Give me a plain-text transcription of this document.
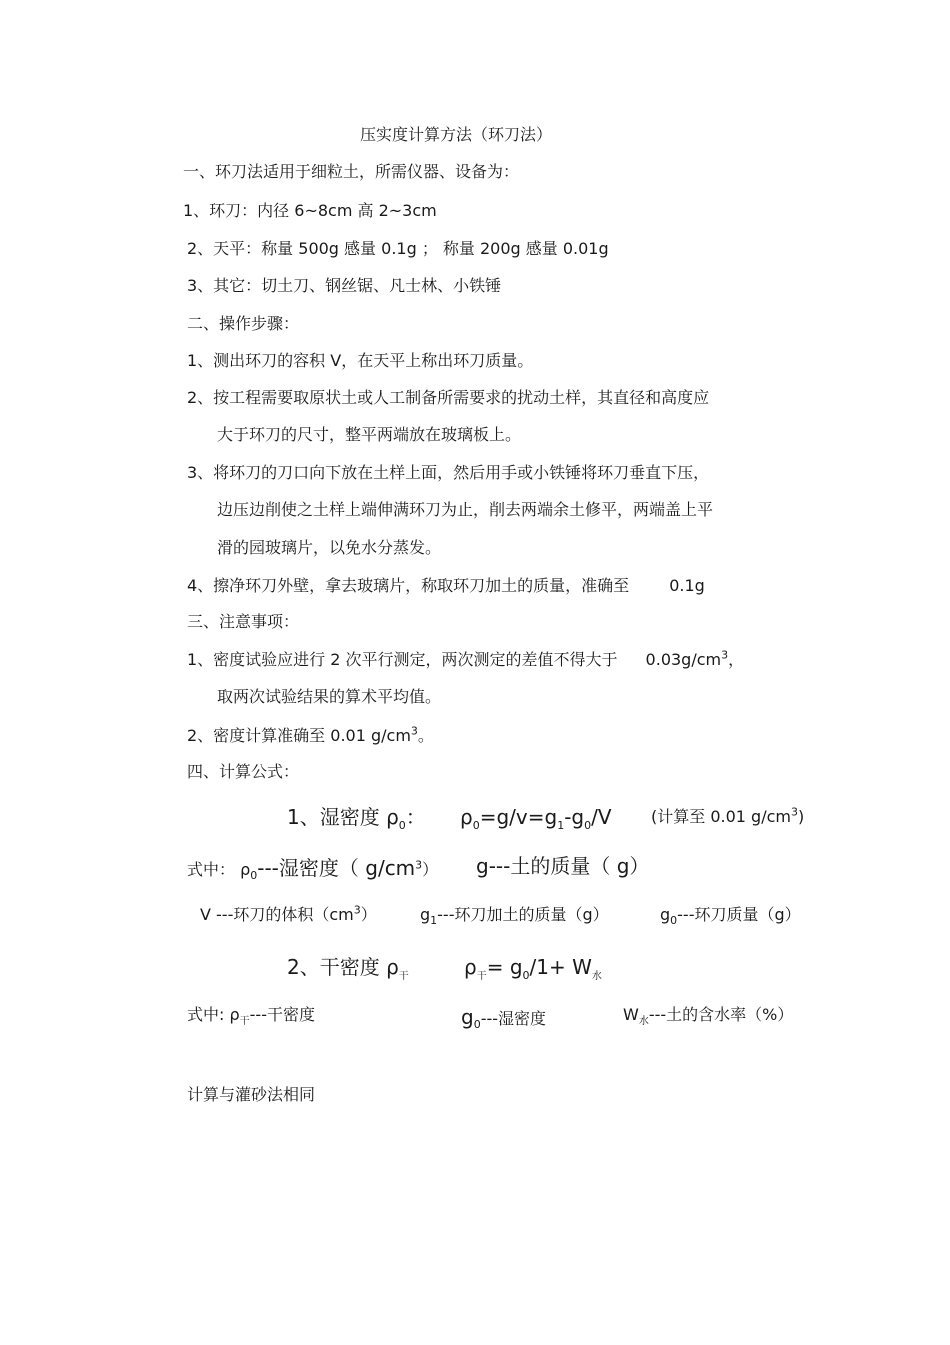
压实度计算方法（环刀法）
一、环刀法适用于细粒土，所需仪器、设备为：
1、环刀：内径 6~8cm 高 2~3cm
2、天平：称量 500g 感量 0.1g ； 称量 200g 感量 0.01g
3、其它：切土刀、钢丝锯、凡士林、小铁锤
二、操作步骤：
1、测出环刀的容积 V，在天平上称出环刀质量。
2、按工程需要取原状土或人工制备所需要求的扰动土样，其直径和高度应
大于环刀的尺寸，整平两端放在玻璃板上。
3、将环刀的刀口向下放在土样上面，然后用手或小铁锤将环刀垂直下压，
边压边削使之土样上端伸满环刀为止，削去两端余土修平，两端盖上平
滑的园玻璃片，以免水分蒸发。
4、擦净环刀外壁，拿去玻璃片，称取环刀加土的质量，准确至	0.1g
三、注意事项：
1、密度试验应进行 2 次平行测定，两次测定的差值不得大于 $0.03g/cm^3$，
取两次试验结果的算术平均值。
2、密度计算准确至 0.01 $g/cm^3$。
四、计算公式：
1、湿密度 $\rho_0$： $\rho_0=g/v=g_1-g_0/V$ (计算至 0.01 $g/cm^3$)
式中： $\rho_0---$湿密度（ $g/cm^3$） g---土的质量（ g）
V ---环刀的体积$(cm^3)$	$g_1---$环刀加土的质量（g）	$g_0---$环刀质量（g）
2、干密度 $\rho_干$	$\rho_干= g_0/1+ W_水$
式中: $\rho_干---$干密度	$g_0---$湿密度	$W_水---$土的含水率（%）
计算与灌砂法相同
